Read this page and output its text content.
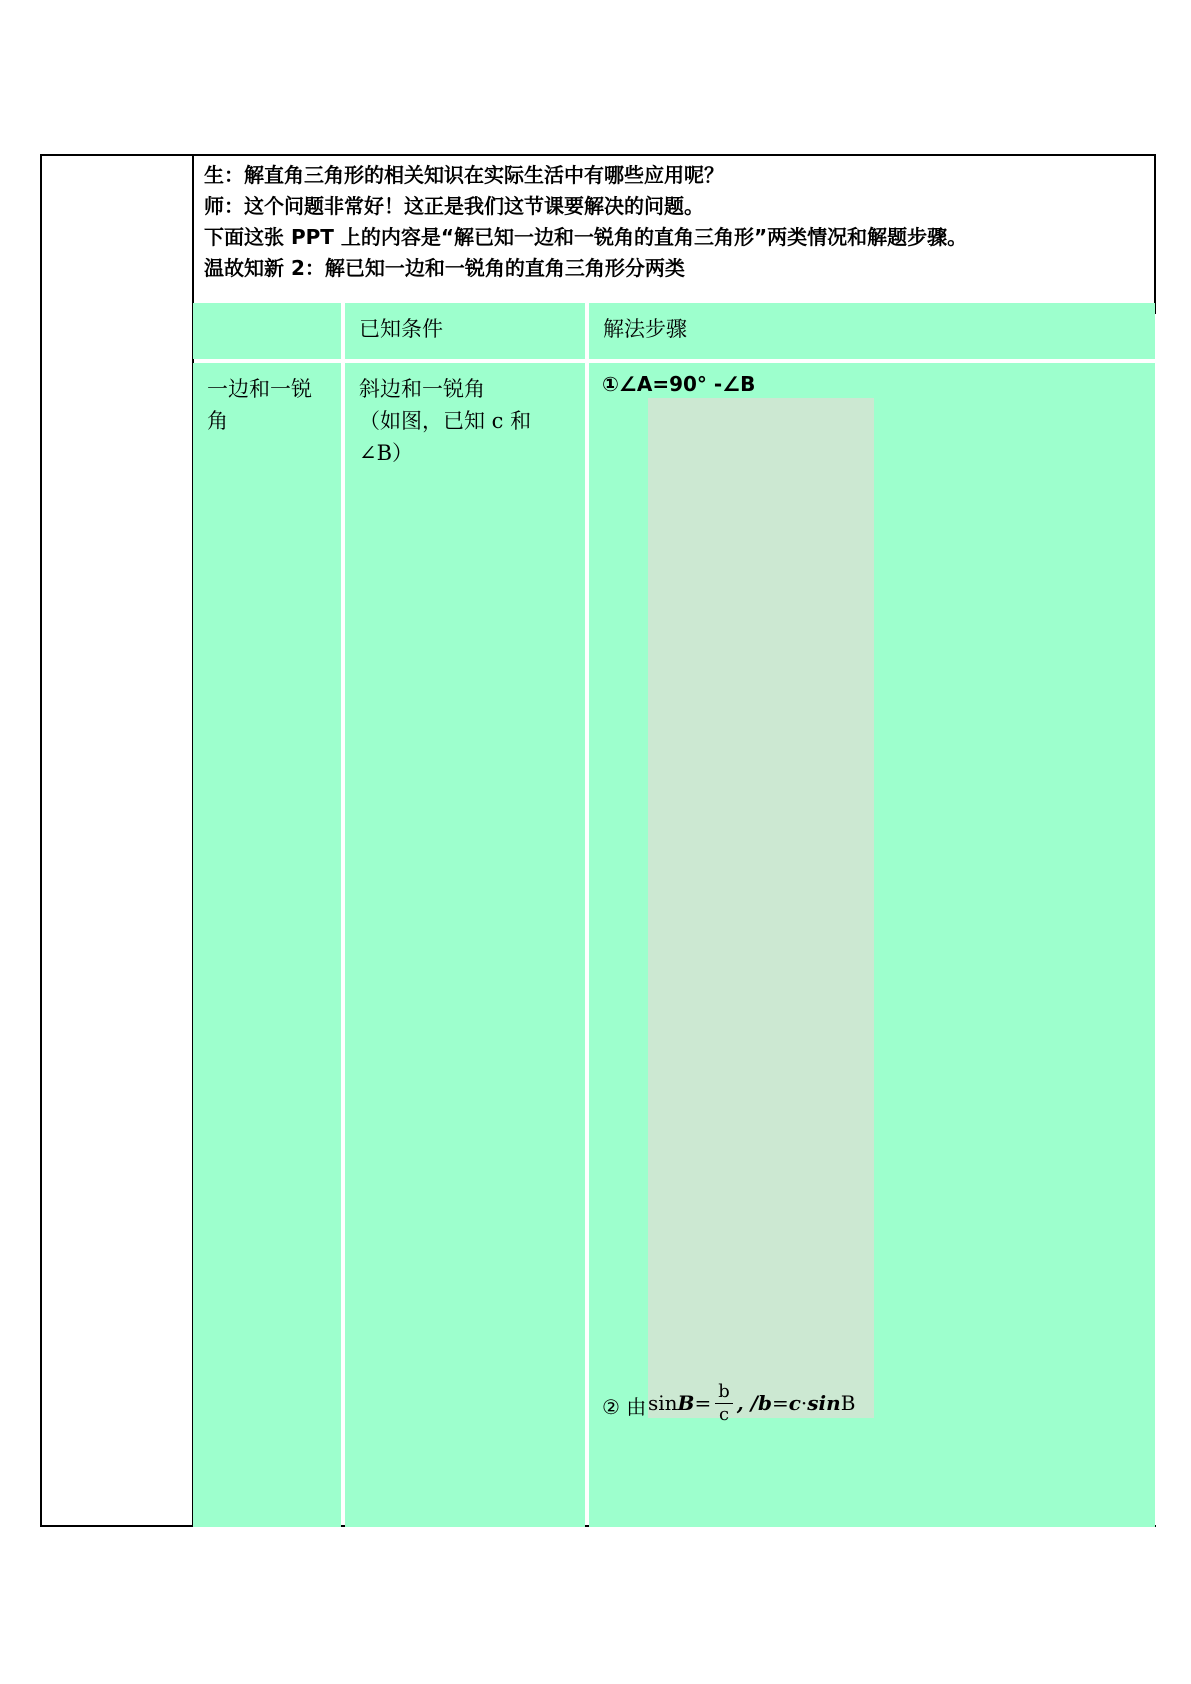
生：解直角三角形的相关知识在实际生活中有哪些应用呢？
师：这个问题非常好！这正是我们这节课要解决的问题。
下面这张 PPT 上的内容是“解已知一边和一锐角的直角三角形”两类情况和解题步骤。
温故知新 2：解已知一边和一锐角的直角三角形分两类
已知条件	解法步骤
一边和一锐
角
斜边和一锐角
（如图，已知 c 和
∠B）
①∠A=90° -∠B
② 由 $\sin B = \frac{b}{c}$ , / b = c · sin B
